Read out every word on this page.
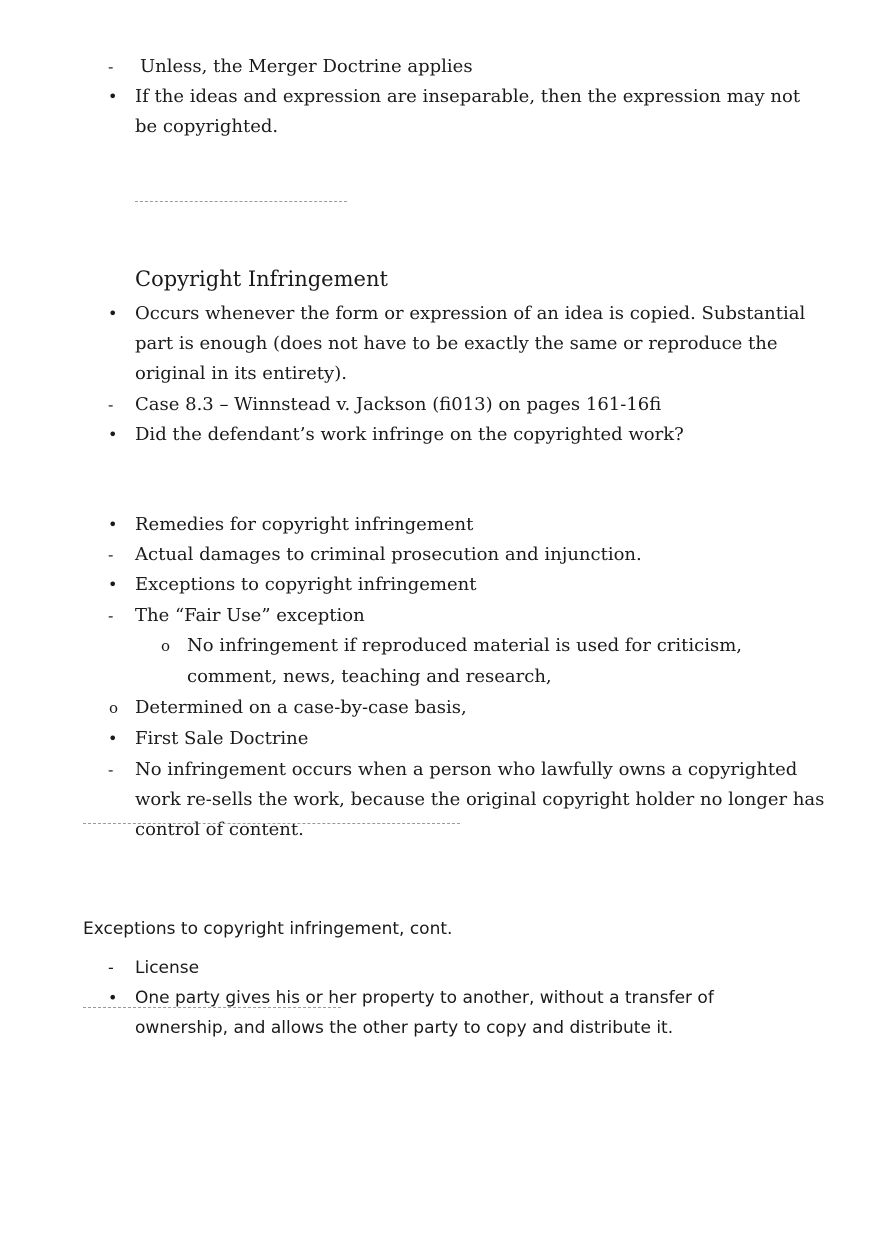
- Unless, the Merger Doctrine applies
• If the ideas and expression are inseparable, then the expression may not
be copyrighted.
Copyright Infringement
• Occurs whenever the form or expression of an idea is copied. Substantial
part is enough (does not have to be exactly the same or reproduce the
original in its entirety).
- Case 8.3 – Winnstead v. Jackson (fi013) on pages 161-16fi
• Did the defendant’s work infringe on the copyrighted work?
• Remedies for copyright infringement
- Actual damages to criminal prosecution and injunction.
• Exceptions to copyright infringement
- The “Fair Use” exception
o No infringement if reproduced material is used for criticism,
comment, news, teaching and research,
o Determined on a case-by-case basis,
• First Sale Doctrine
- No infringement occurs when a person who lawfully owns a copyrighted
work re-sells the work, because the original copyright holder no longer has
control of content.
Exceptions to copyright infringement, cont.
- License
• One party gives his or her property to another, without a transfer of
ownership, and allows the other party to copy and distribute it.
